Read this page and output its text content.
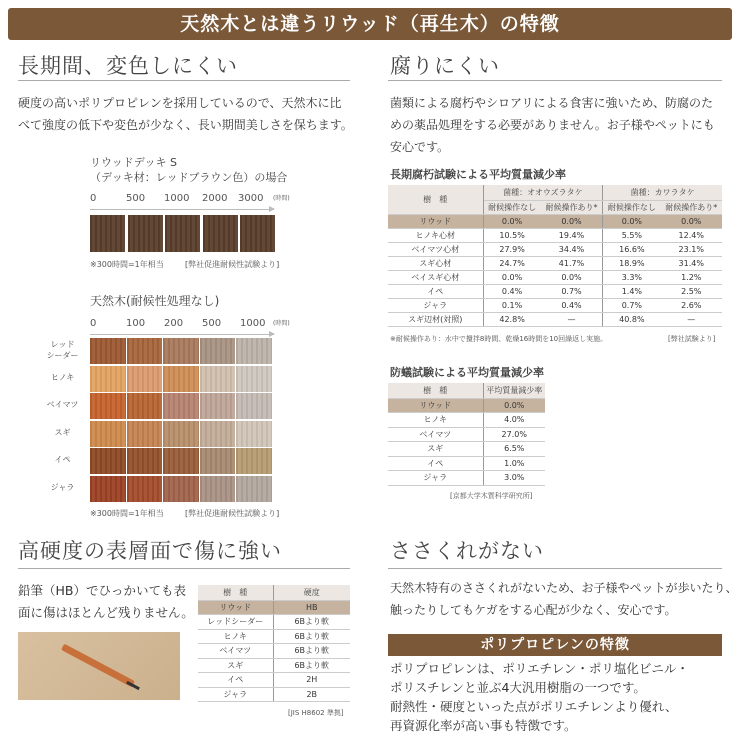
天然木とは違うリウッド（再生木）の特徴
長期間、変色しにくい
硬度の高いポリプロピレンを採用しているので、天然木に比
べて強度の低下や変色が少なく、長い期間美しさを保ちます。
リウッドデッキ S
（デッキ材：レッドブラウン色）の場合
0	500 1000 2000 3000 (時間)
※300時間=1年相当	[弊社促進耐候性試験より]
天然木(耐候性処理なし)
0	100 200 500 1000 (時間)
レッド
シーダー
ヒノキ
ベイマツ
スギ
イペ
ジャラ
※300時間=1年相当	[弊社促進耐候性試験より]
腐りにくい
菌類による腐朽やシロアリによる食害に強いため、防腐のた
めの薬品処理をする必要がありません。お子様やペットにも
安心です。
長期腐朽試験による平均質量減少率
樹　種	菌種：オオウズラタケ		菌種：カワラタケ	
	耐候操作なし	耐候操作あり*	耐候操作なし	耐候操作あり*
リウッド	0.0%	0.0%	0.0%	0.0%
ヒノキ心材	10.5%	19.4%	5.5%	12.4%
ベイマツ心材	27.9%	34.4%	16.6%	23.1%
スギ心材	24.7%	41.7%	18.9%	31.4%
ベイスギ心材	0.0%	0.0%	3.3%	1.2%
イペ	0.4%	0.7%	1.4%	2.5%
ジャラ	0.1%	0.4%	0.7%	2.6%
スギ辺材(対照)	42.8%	—	40.8%	—
※耐候操作あり：水中で攪拌8時間、乾燥16時間を10回繰返し実施。	[弊社試験より]
防蟻試験による平均質量減少率
樹　種	平均質量減少率
リウッド	0.0%
ヒノキ	4.0%
ベイマツ	27.0%
スギ	6.5%
イペ	1.0%
ジャラ	3.0%
[京都大学木質科学研究所]
高硬度の表層面で傷に強い
鉛筆（HB）でひっかいても表
面に傷はほとんど残りません。
樹　種	硬度
リウッド	HB
レッドシーダー	6Bより軟
ヒノキ	6Bより軟
ベイマツ	6Bより軟
スギ	6Bより軟
イペ	2H
ジャラ	2B
[JIS H8602 準拠]
ささくれがない
天然木特有のささくれがないため、お子様やペットが歩いたり、
触ったりしてもケガをする心配が少なく、安心です。
ポリプロピレンの特徴
ポリプロピレンは、ポリエチレン・ポリ塩化ビニル・
ポリスチレンと並ぶ4大汎用樹脂の一つです。
耐熱性・硬度といった点がポリエチレンより優れ、
再資源化率が高い事も特徴です。
